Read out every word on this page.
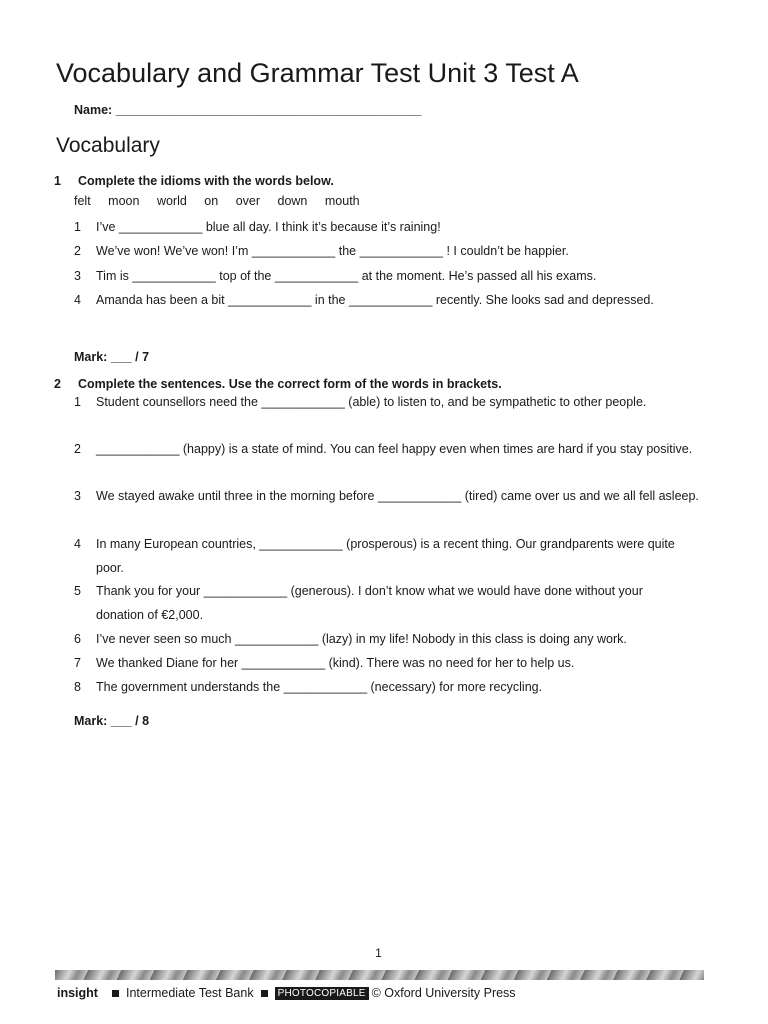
Vocabulary and Grammar Test Unit 3 Test A
Name: ____________________________________________
Vocabulary
1 Complete the idioms with the words below.
felt moon world on over down mouth
1 I’ve ____________ blue all day. I think it’s because it’s raining!
2 We’ve won! We’ve won! I’m ____________ the ____________ ! I couldn’t be happier.
3 Tim is ____________ top of the ____________ at the moment. He’s passed all his exams.
4 Amanda has been a bit ____________ in the ____________ recently. She looks sad and depressed.
Mark: ___ / 7
2 Complete the sentences. Use the correct form of the words in brackets.
1 Student counsellors need the ____________ (able) to listen to, and be sympathetic to other people.
2 ____________ (happy) is a state of mind. You can feel happy even when times are hard if you stay positive.
3 We stayed awake until three in the morning before ____________ (tired) came over us and we all fell asleep.
4 In many European countries, ____________ (prosperous) is a recent thing. Our grandparents were quite poor.
5 Thank you for your ____________ (generous). I don’t know what we would have done without your donation of €2,000.
6 I’ve never seen so much ____________ (lazy) in my life! Nobody in this class is doing any work.
7 We thanked Diane for her ____________ (kind). There was no need for her to help us.
8 The government understands the ____________ (necessary) for more recycling.
Mark: ___ / 8
1
insight Intermediate Test Bank	PHOTOCOPIABLE © Oxford University Press
